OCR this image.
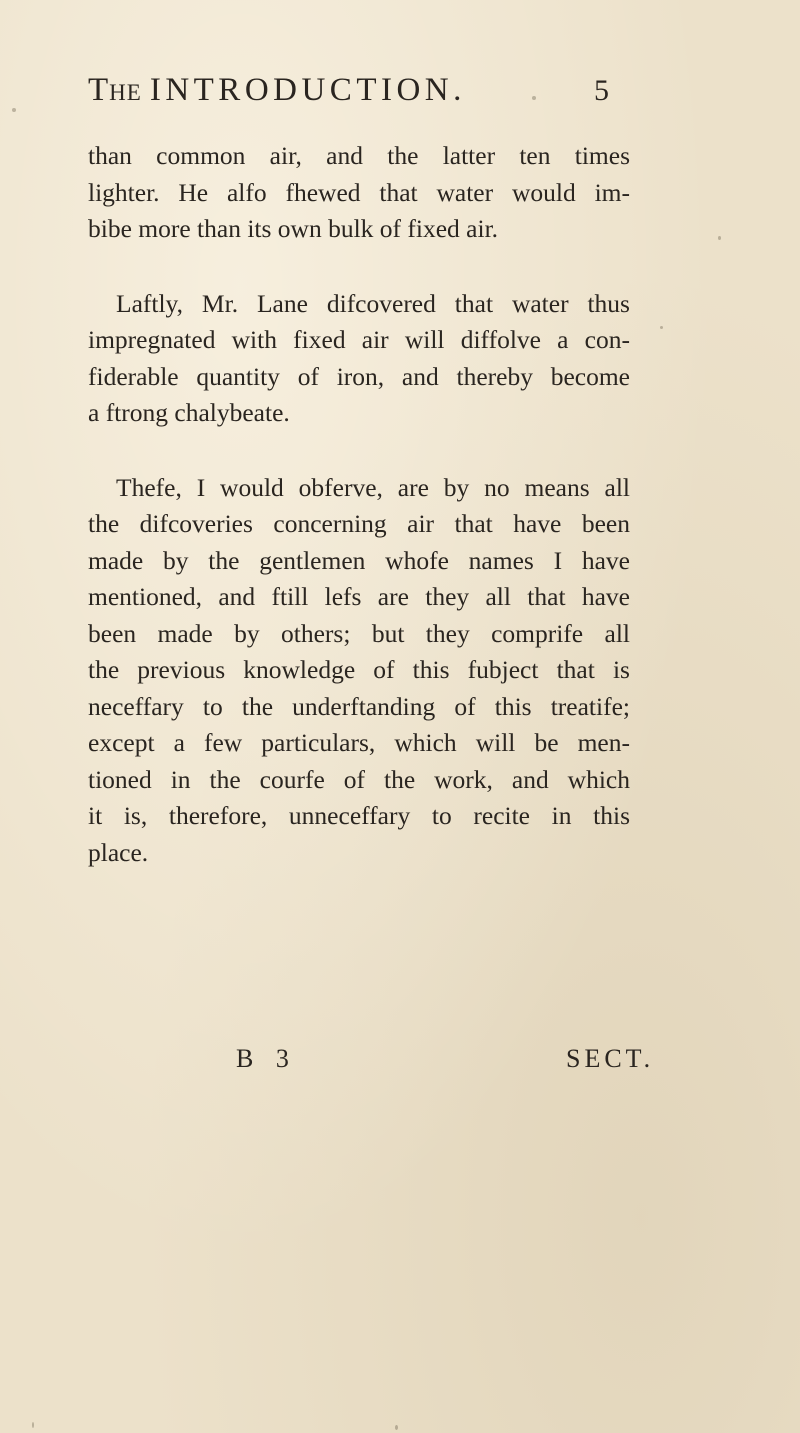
The INTRODUCTION.	5

than common air, and the latter ten times
lighter. He alfo fhewed that water would im-
bibe more than its own bulk of fixed air.

Laftly, Mr. Lane difcovered that water thus
impregnated with fixed air will diffolve a con-
fiderable quantity of iron, and thereby become
a ftrong chalybeate.

Thefe, I would obferve, are by no means all
the difcoveries concerning air that have been
made by the gentlemen whofe names I have
mentioned, and ftill lefs are they all that have
been made by others; but they comprife all
the previous knowledge of this fubject that is
neceffary to the underftanding of this treatife;
except a few particulars, which will be men-
tioned in the courfe of the work, and which
it is, therefore, unneceffary to recite in this
place.

B 3	SECT.
